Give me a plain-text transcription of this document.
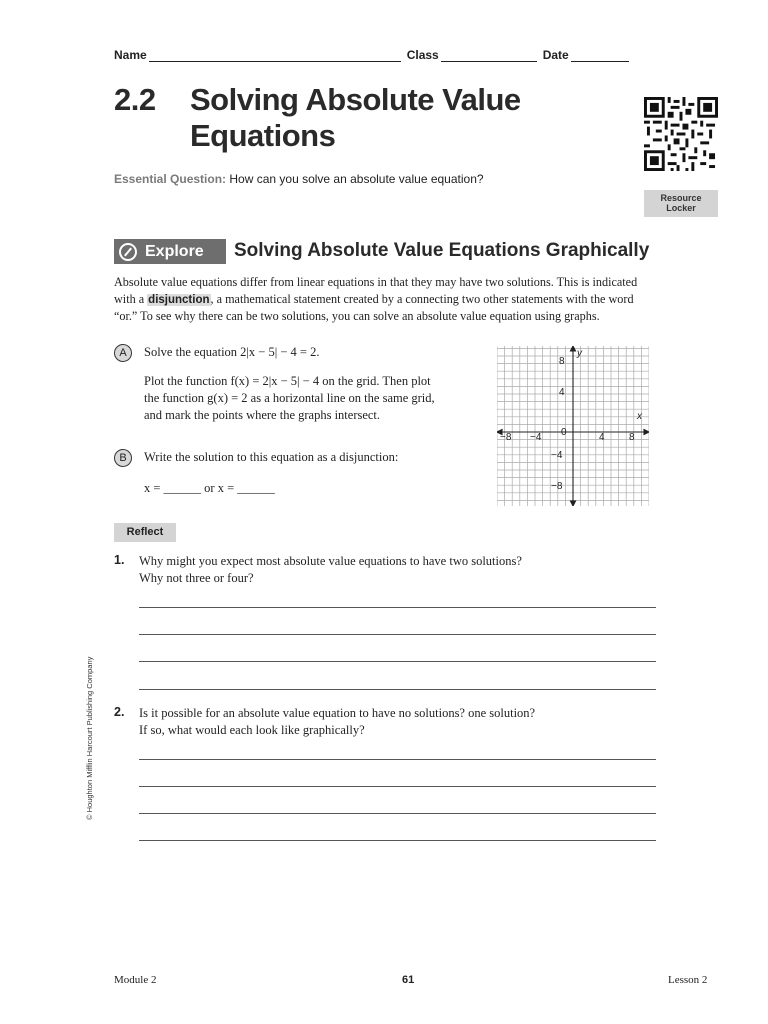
Name	Class	Date
2.2 Solving Absolute Value
Equations
Essential Question: How can you solve an absolute value equation?
Resource
Locker
Explore Solving Absolute Value Equations Graphically
Absolute value equations differ from linear equations in that they may have two solutions. This is indicated with a disjunction, a mathematical statement created by a connecting two other statements with the word “or.” To see why there can be two solutions, you can solve an absolute value equation using graphs.
A	Solve the equation 2|x − 5| − 4 = 2.
Plot the function f(x) = 2|x − 5| − 4 on the grid. Then plot
the function g(x) = 2 as a horizontal line on the same grid,
and mark the points where the graphs intersect.
B	Write the solution to this equation as a disjunction:
x = ______ or x = ______
y
x
0
−8 −4	4 8
8
4
−4
−8
Reflect
1. Why might you expect most absolute value equations to have two solutions?
Why not three or four?
2. Is it possible for an absolute value equation to have no solutions? one solution?
If so, what would each look like graphically?
© Houghton Mifflin Harcourt Publishing Company
Module 2	61	Lesson 2
